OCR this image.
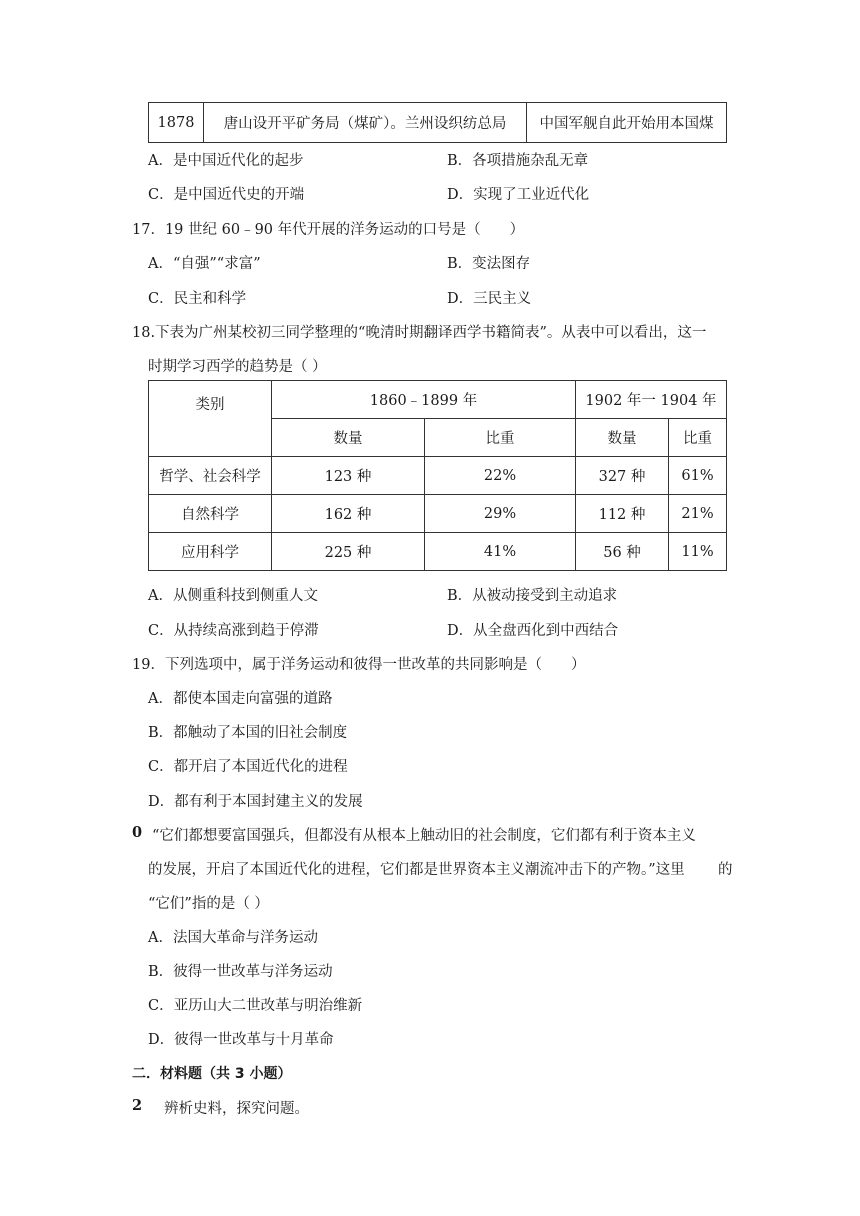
1878	唐山设开平矿务局（煤矿）。兰州设织纺总局	中国军舰自此开始用本国煤
A．是中国近代化的起步	B．各项措施杂乱无章
C．是中国近代史的开端	D．实现了工业近代化
17．19 世纪 60﹣90 年代开展的洋务运动的口号是（　　）
A．“自强”“求富”	B．变法图存
C．民主和科学	D．三民主义
18.下表为广州某校初三同学整理的“晚清时期翻译西学书籍简表”。从表中可以看出，这一
时期学习西学的趋势是（ ）
类别	1860﹣1899 年		1902 年一 1904 年	
	数量	比重	数量	比重
哲学、社会科学	123 种	22%	327 种	61%
自然科学	162 种	29%	112 种	21%
应用科学	225 种	41%	56 种	11%
A．从侧重科技到侧重人文	B．从被动接受到主动追求
C．从持续高涨到趋于停滞	D．从全盘西化到中西结合
19．下列选项中，属于洋务运动和彼得一世改革的共同影响是（　　）
A．都使本国走向富强的道路
B．都触动了本国的旧社会制度
C．都开启了本国近代化的进程
D．都有利于本国封建主义的发展
0 “它们都想要富国强兵，但都没有从根本上触动旧的社会制度，它们都有利于资本主义
的发展，开启了本国近代化的进程，它们都是世界资本主义潮流冲击下的产物。”这里 的
“它们”指的是（ ）
A．法国大革命与洋务运动
B．彼得一世改革与洋务运动
C．亚历山大二世改革与明治维新
D．彼得一世改革与十月革命
二．材料题（共 3 小题）
2 辨析史料，探究问题。
